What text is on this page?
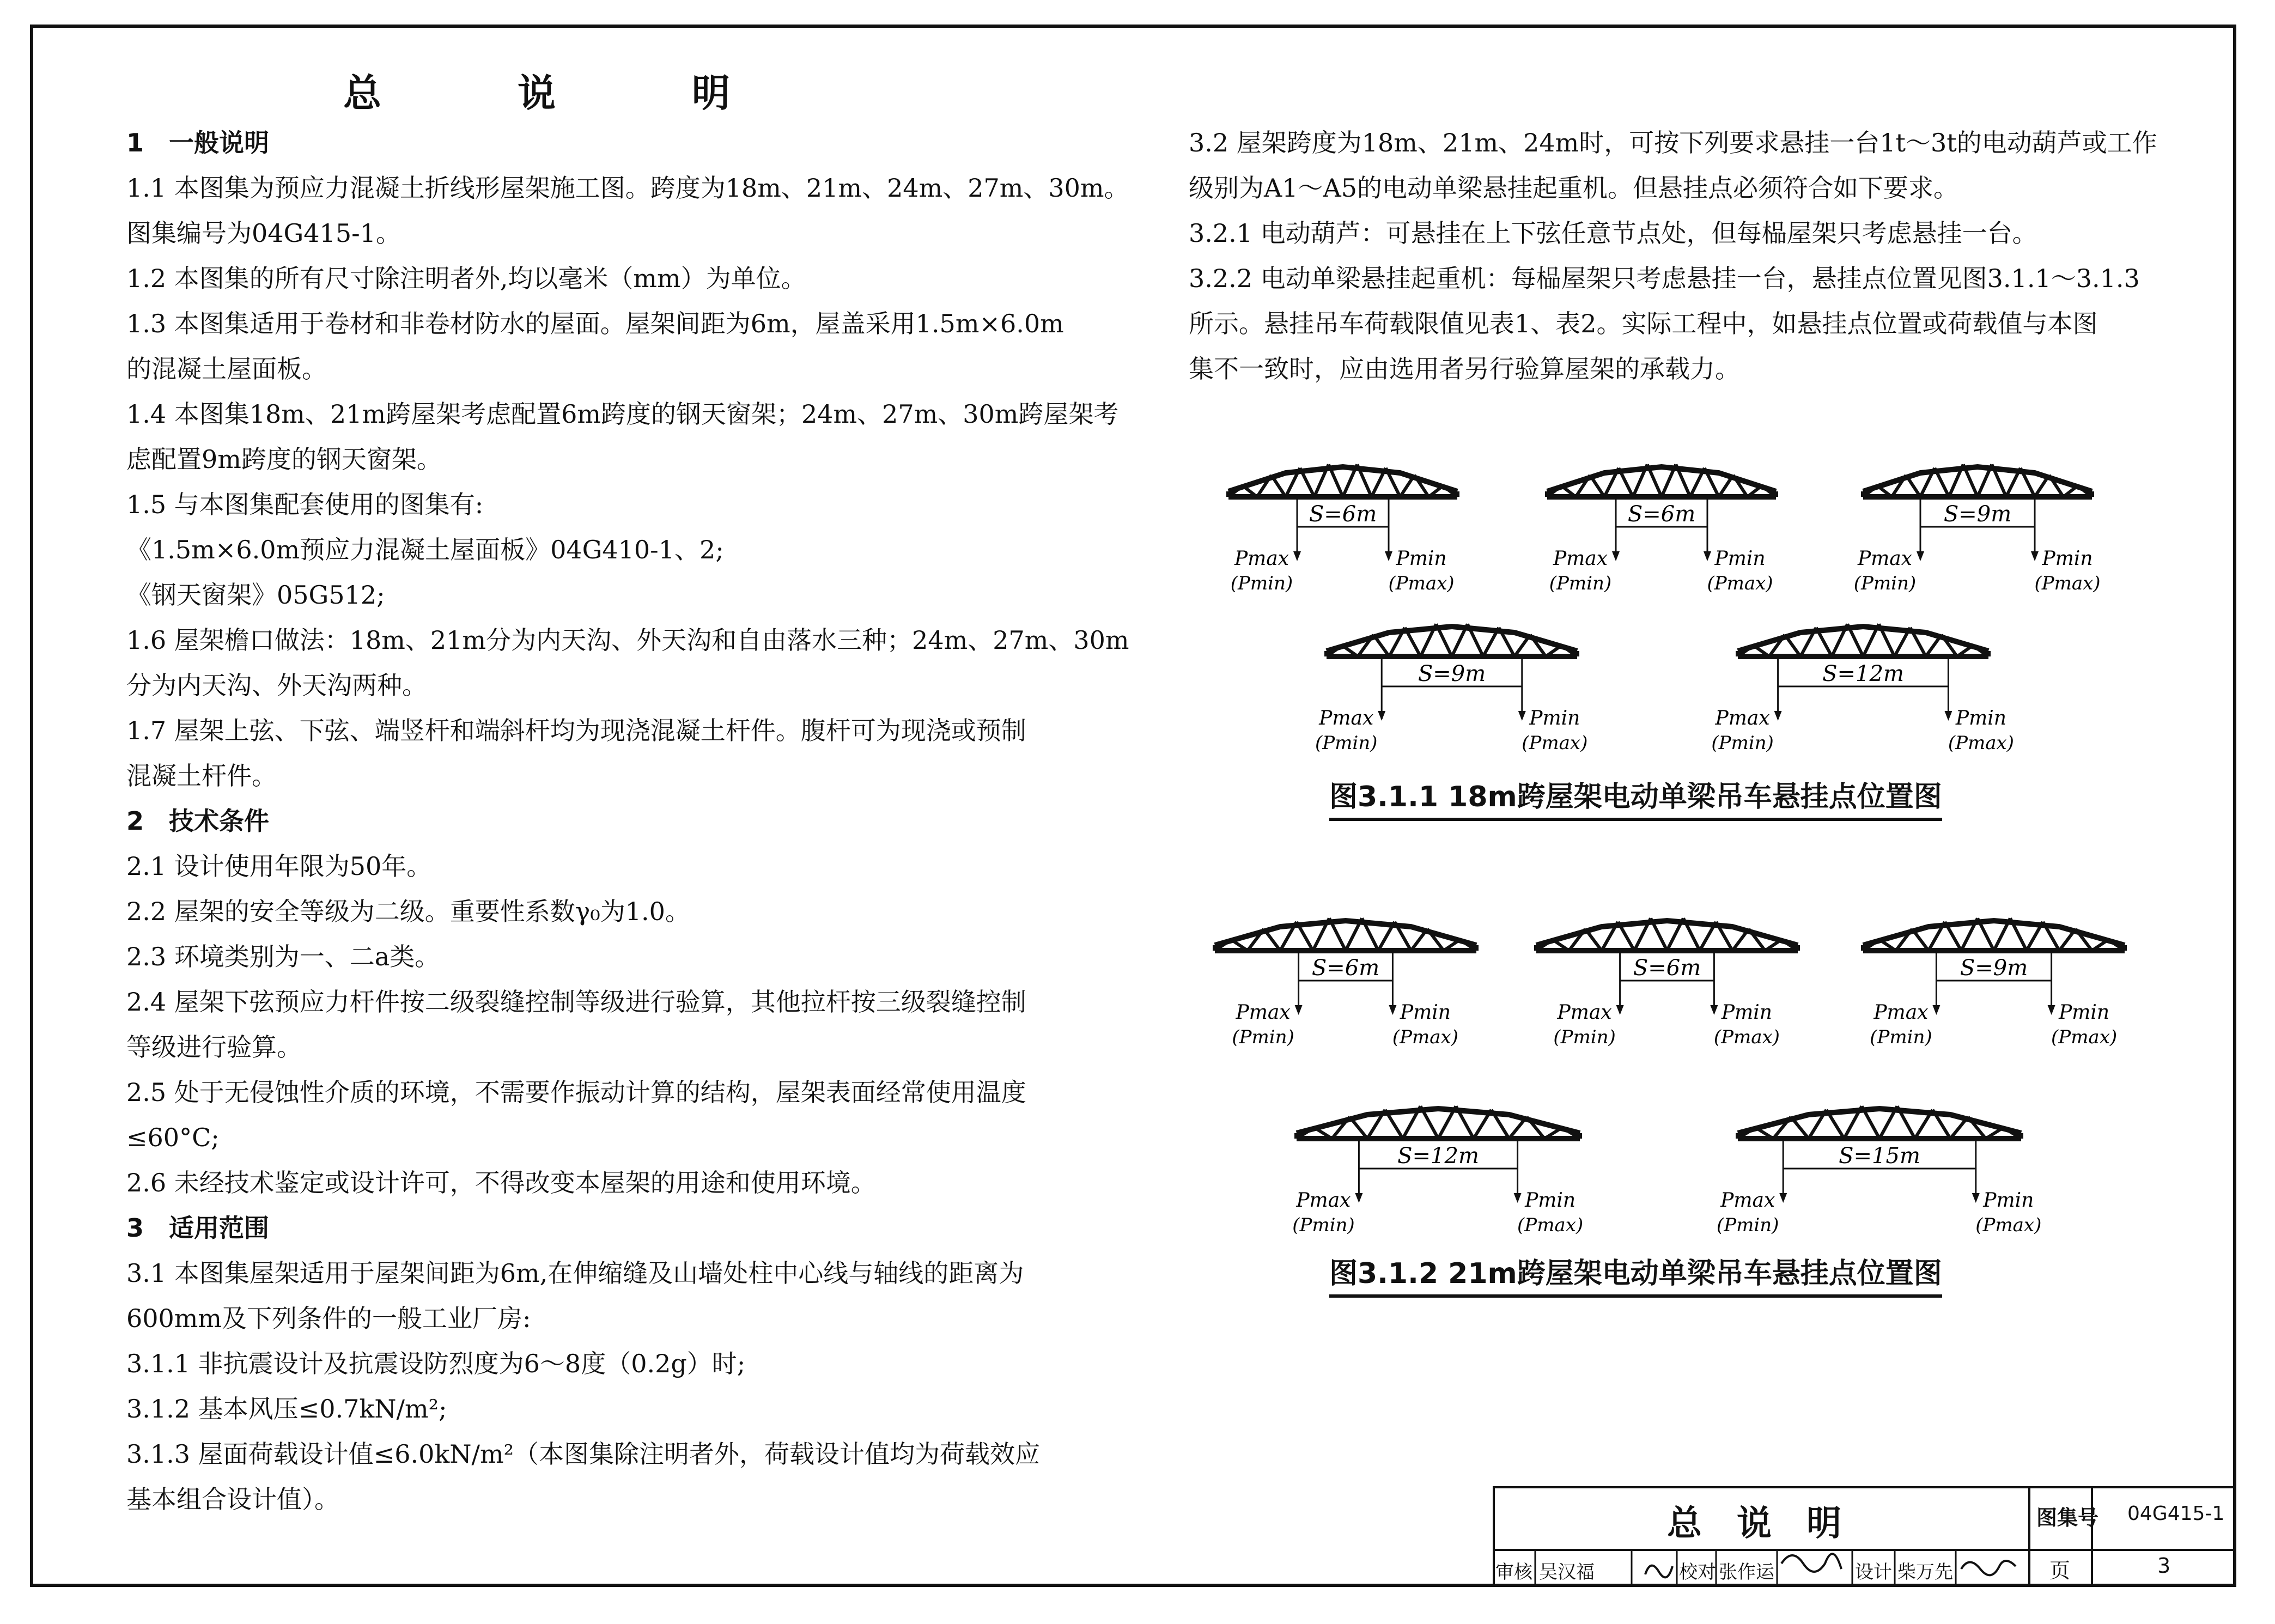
总　说　明
1　一般说明
1.1 本图集为预应力混凝土折线形屋架施工图。跨度为18m、21m、24m、27m、30m。
图集编号为04G415-1。
1.2 本图集的所有尺寸除注明者外,均以毫米（mm）为单位。
1.3 本图集适用于卷材和非卷材防水的屋面。屋架间距为6m，屋盖采用1.5m×6.0m
的混凝土屋面板。
1.4 本图集18m、21m跨屋架考虑配置6m跨度的钢天窗架；24m、27m、30m跨屋架考
虑配置9m跨度的钢天窗架。
1.5 与本图集配套使用的图集有:
《1.5m×6.0m预应力混凝土屋面板》04G410-1、2;
《钢天窗架》05G512;
1.6 屋架檐口做法：18m、21m分为内天沟、外天沟和自由落水三种；24m、27m、30m
分为内天沟、外天沟两种。
1.7 屋架上弦、下弦、端竖杆和端斜杆均为现浇混凝土杆件。腹杆可为现浇或预制
混凝土杆件。
2　技术条件
2.1 设计使用年限为50年。
2.2 屋架的安全等级为二级。重要性系数γ₀为1.0。
2.3 环境类别为一、二a类。
2.4 屋架下弦预应力杆件按二级裂缝控制等级进行验算，其他拉杆按三级裂缝控制
等级进行验算。
2.5 处于无侵蚀性介质的环境，不需要作振动计算的结构，屋架表面经常使用温度
≤60°C;
2.6 未经技术鉴定或设计许可，不得改变本屋架的用途和使用环境。
3　适用范围
3.1 本图集屋架适用于屋架间距为6m,在伸缩缝及山墙处柱中心线与轴线的距离为
600mm及下列条件的一般工业厂房:
3.1.1 非抗震设计及抗震设防烈度为6～8度（0.2g）时;
3.1.2 基本风压≤0.7kN/m²;
3.1.3 屋面荷载设计值≤6.0kN/m²（本图集除注明者外，荷载设计值均为荷载效应
基本组合设计值）。
3.2 屋架跨度为18m、21m、24m时，可按下列要求悬挂一台1t～3t的电动葫芦或工作
级别为A1～A5的电动单梁悬挂起重机。但悬挂点必须符合如下要求。
3.2.1 电动葫芦：可悬挂在上下弦任意节点处，但每榀屋架只考虑悬挂一台。
3.2.2 电动单梁悬挂起重机：每榀屋架只考虑悬挂一台，悬挂点位置见图3.1.1～3.1.3
所示。悬挂吊车荷载限值见表1、表2。实际工程中，如悬挂点位置或荷载值与本图
集不一致时，应由选用者另行验算屋架的承载力。
S=6m
Pmax
(Pmin)
Pmin
(Pmax)
S=6m
Pmax
(Pmin)
Pmin
(Pmax)
S=9m
Pmax
(Pmin)
Pmin
(Pmax)
S=9m
Pmax
(Pmin)
Pmin
(Pmax)
S=12m
Pmax
(Pmin)
Pmin
(Pmax)
S=6m
Pmax
(Pmin)
Pmin
(Pmax)
S=6m
Pmax
(Pmin)
Pmin
(Pmax)
S=9m
Pmax
(Pmin)
Pmin
(Pmax)
S=12m
Pmax
(Pmin)
Pmin
(Pmax)
S=15m
Pmax
(Pmin)
Pmin
(Pmax)
图3.1.1 18m跨屋架电动单梁吊车悬挂点位置图
图3.1.2 21m跨屋架电动单梁吊车悬挂点位置图
总　说　明	图集号 04G415-1
页	3
审核 吴汉福	校对 张作运	设计 柴万先
